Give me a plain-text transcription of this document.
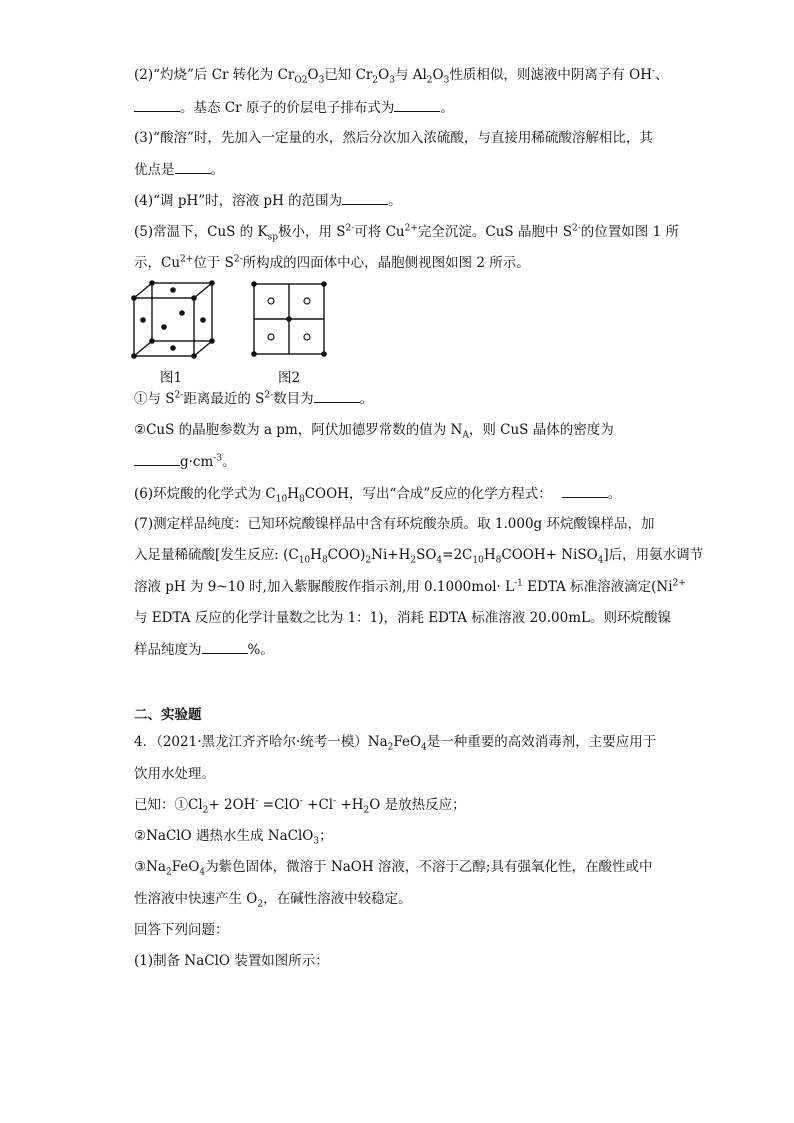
(2)“灼烧”后 Cr 转化为 $Cr_{O2}O_3$已知 $Cr_2O_3$与 $Al_2O_3$性质相似，则滤液中阴离子有 OH-、
。基态 Cr 原子的价层电子排布式为	。
(3)“酸溶”时，先加入一定量的水，然后分次加入浓硫酸，与直接用稀硫酸溶解相比，其
优点是	。
(4)“调 pH”时，溶液 pH 的范围为	。
(5)常温下，CuS 的 $K_{sp}$极小，用 $S^{2-}$可将 $Cu^{2+}$完全沉淀。CuS 晶胞中 $S^{2-}$的位置如图 1 所
示，$Cu^{2+}$位于 $S^{2-}$所构成的四面体中心，晶胞侧视图如图 2 所示。
图1	图2
①与 $S^{2-}$距离最近的 $S^{2-}$数目为	。
②CuS 的晶胞参数为 a pm，阿伏加德罗常数的值为 $N_A$，则 CuS 晶体的密度为
$g\cdot cm^{-3}$。
(6)环烷酸的化学式为 $C_{10}H_8COOH$，写出“合成”反应的化学方程式：	。
(7)测定样品纯度：已知环烷酸镍样品中含有环烷酸杂质。取 1.000g 环烷酸镍样品，加
入足量稀硫酸[发生反应: $(C_{10}H_8COO)_2Ni+H_2SO_4=2C_{10}H_8COOH+$ NiSO$_4$]后，用氨水调节
溶液 pH 为 9~10 时,加入紫脲酸胺作指示剂,用 $0.1000mol\cdot L^{-1}$ EDTA 标准溶液滴定($Ni^{2+}$
与 EDTA 反应的化学计量数之比为 1：1)，消耗 EDTA 标准溶液 20.00mL。则环烷酸镍
样品纯度为	%。
二、实验题
4．（2021·黑龙江齐齐哈尔·统考一模）$Na_2FeO_4$是一种重要的高效消毒剂，主要应用于
饮用水处理。
已知：$①Cl_2+ 2OH^- =ClO^- +Cl^- +H_2O$ 是放热反应；
②NaClO 遇热水生成 NaClO$_3$；
$③Na_2FeO_4$为紫色固体，微溶于 NaOH 溶液，不溶于乙醇;具有强氧化性，在酸性或中
性溶液中快速产生 $O_2$，在碱性溶液中较稳定。
回答下列问题：
(1)制备 NaClO 装置如图所示：
